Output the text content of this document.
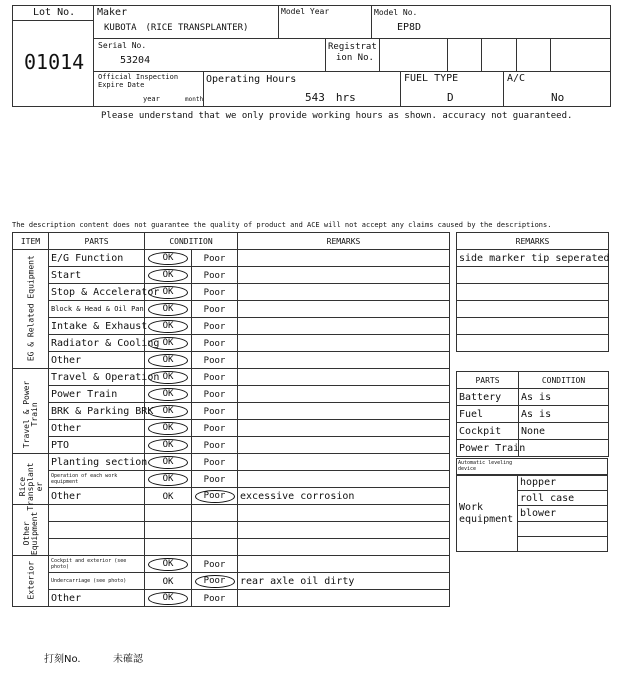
Lot No.
01014
Maker
KUBOTA　(RICE TRANSPLANTER)
Model Year	Model No.
EP8D
Serial No.
53204
Registrat
ion No.
Official Inspection
Expire Date
year	month
Operating Hours
543　hrs
FUEL TYPE
D
A/C
No
Please understand that we only provide working hours as shown. accuracy not guaranteed.
The description content does not guarantee the quality of product and ACE will not accept any claims caused by the descriptions.
ITEM	PARTS	CONDITION		REMARKS

EG & Related Equipment	E/G Function	OK	Poor	
	Start	OK	Poor	
	Stop & Accelerator	OK	Poor	
	Block & Head & Oil Pan	OK	Poor	
	Intake & Exhaust	OK	Poor	
	Radiator & Cooling	OK	Poor	
	Other	OK	Poor	

Travel & Power Train	Travel & Operation	OK	Poor	
	Power Train	OK	Poor	
	BRK & Parking BRK	OK	Poor	
	Other	OK	Poor	
	PTO	OK	Poor	

Rice Transplant er	Planting section	OK	Poor	
	Operation of each work equipment	OK	Poor	
	Other	OK	Poor	excessive corrosion

Other Equipment				

Exterior	Cockpit and exterior (see photo)	OK	Poor	
	Undercarriage (see photo)	OK	Poor	rear axle oil dirty
	Other	OK	Poor	
REMARKS
side marker tip seperated

PARTS	CONDITION
Battery	As is
Fuel	As is
Cockpit	None
Power Train	
Automatic leveling
device
Work
equipment
hopper
roll case
blower
打刻No.	未確認
